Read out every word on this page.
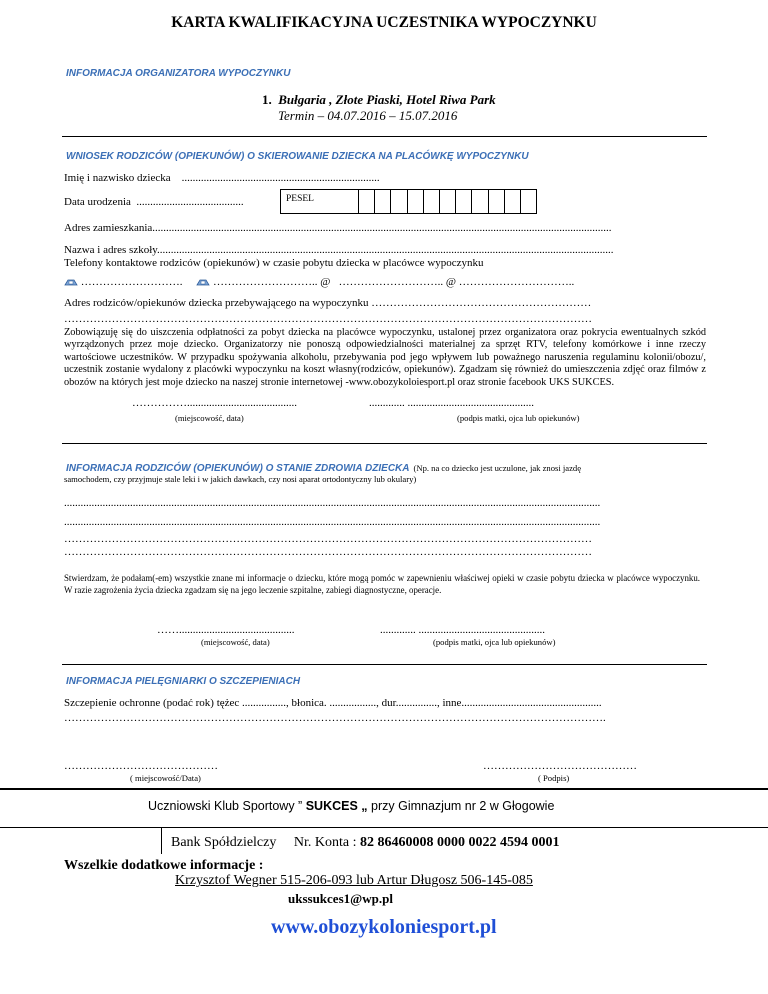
KARTA KWALIFIKACYJNA UCZESTNIKA WYPOCZYNKU
INFORMACJA ORGANIZATORA WYPOCZYNKU
1. Bułgaria , Złote Piaski, Hotel Riwa Park
Termin – 04.07.2016 – 15.07.2016
WNIOSEK RODZICÓW (OPIEKUNÓW) O SKIEROWANIE DZIECKA NA PLACÓWKĘ WYPOCZYNKU
Imię i nazwisko dziecka ........................................................................
Data urodzenia .......................................	PESEL
Adres zamieszkania.......................................................................................................................................................................
Nazwa i adres szkoły......................................................................................................................................................................
Telefony kontaktowe rodziców (opiekunów) w czasie pobytu dziecka w placówce wypoczynku
……………………….	……………………….. @ ……………………….. @ …………………………..
Adres rodziców/opiekunów dziecka przebywającego na wypoczynku ……………………………………………………
………………………………………………………………………………………………………………………………
Zobowiązuję się do uiszczenia odpłatności za pobyt dziecka na placówce wypoczynku, ustalonej przez organizatora oraz pokrycia ewentualnych szkód wyrządzonych przez moje dziecko. Organizatorzy nie ponoszą odpowiedzialności materialnej za sprzęt RTV, telefony komórkowe i inne rzeczy wartościowe uczestników. W przypadku spożywania alkoholu, przebywania pod jego wpływem lub poważnego naruszenia regulaminu kolonii/obozu/, uczestnik zostanie wydalony z placówki wypoczynku na koszt własny(rodziców, opiekunów). Zgadzam się również do umieszczenia zdjęć oraz filmów z obozów na których jest moje dziecko na naszej stronie internetowej -www.obozykoloiesport.pl oraz stronie facebook UKS SUKCES.
……………........................................
(miejscowość, data)
............. ..............................................
(podpis matki, ojca lub opiekunów)
INFORMACJA RODZICÓW (OPIEKUNÓW) O STANIE ZDROWIA DZIECKA (Np. na co dziecko jest uczulone, jak znosi jazdę
samochodem, czy przyjmuje stale leki i w jakich dawkach, czy nosi aparat ortodontyczny lub okulary)
...................................................................................................................................................................................................
...................................................................................................................................................................................................
………………………………………………………………………………………………………………………………
………………………………………………………………………………………………………………………………
Stwierdzam, że podałam(-em) wszystkie znane mi informacje o dziecku, które mogą pomóc w zapewnieniu właściwej opieki w czasie pobytu dziecka w placówce wypoczynku. W razie zagrożenia życia dziecka zgadzam się na jego leczenie szpitalne, zabiegi diagnostyczne, operacje.
……..........................................
(miejscowość, data)
............. ..............................................
(podpis matki, ojca lub opiekunów)
INFORMACJA PIELĘGNIARKI O SZCZEPIENIACH
Szczepienie ochronne (podać rok) tężec ................, błonica. ................., dur..............., inne...................................................
………………………………………………………………………………………………………………………………….
……………………………………
( miejscowość/Data)
……………………………………
( Podpis)
Uczniowski Klub Sportowy ” SUKCES „ przy Gimnazjum nr 2 w Głogowie
Bank Spółdzielczy Nr. Konta : 82 86460008 0000 0022 4594 0001
Wszelkie dodatkowe informacje :
Krzysztof Wegner 515-206-093 lub Artur Długosz 506-145-085
ukssukces1@wp.pl
www.obozykoloniesport.pl
